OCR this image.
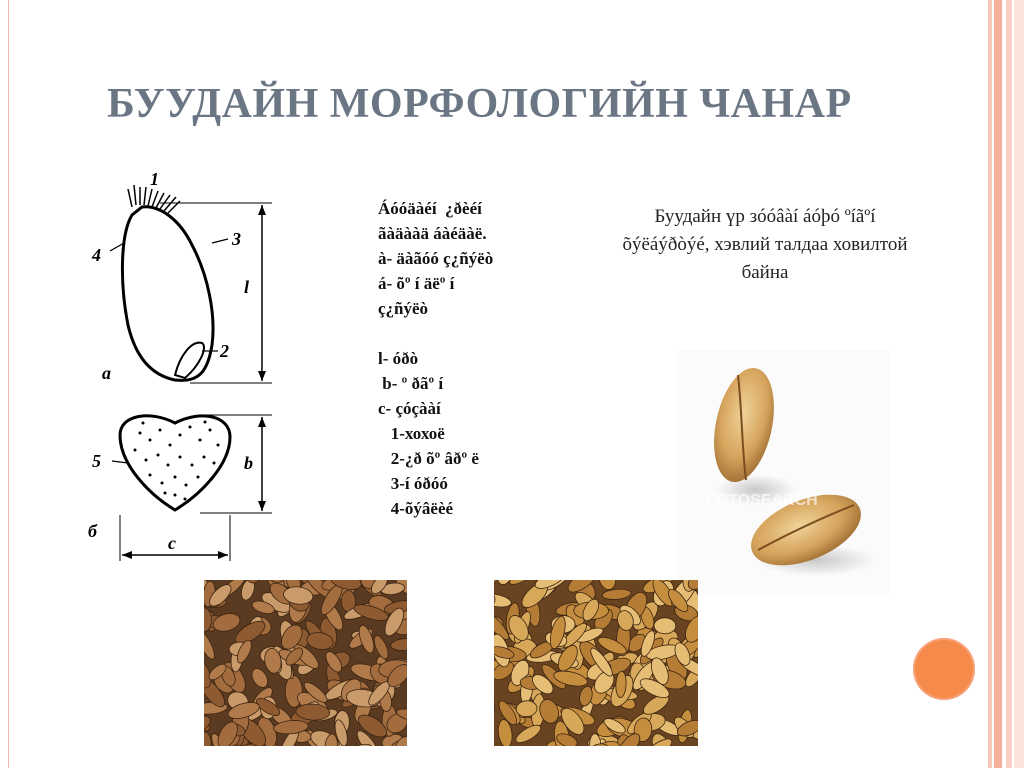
БУУДАЙН МОРФОЛОГИЙН ЧАНАР
1
2
3
4
5
a
б
l
b
c
Áóóäàéí  ¿ðèéí
ãàäààä áàéäàë.
à- äàãóó ç¿ñýëò
á- õº í äëº í
ç¿ñýëò
l- óðò
b- º ðãº í
c- çóçààí
1-хохоë
2-¿ð õº âðº ë
3-í óðóó
4-õýâëèé
Буудайн үр зóóâàí áóþó ºíãºí õýëáýðòýé, хэвлий талдаа ховилтой байна
FOTOSEARCH
